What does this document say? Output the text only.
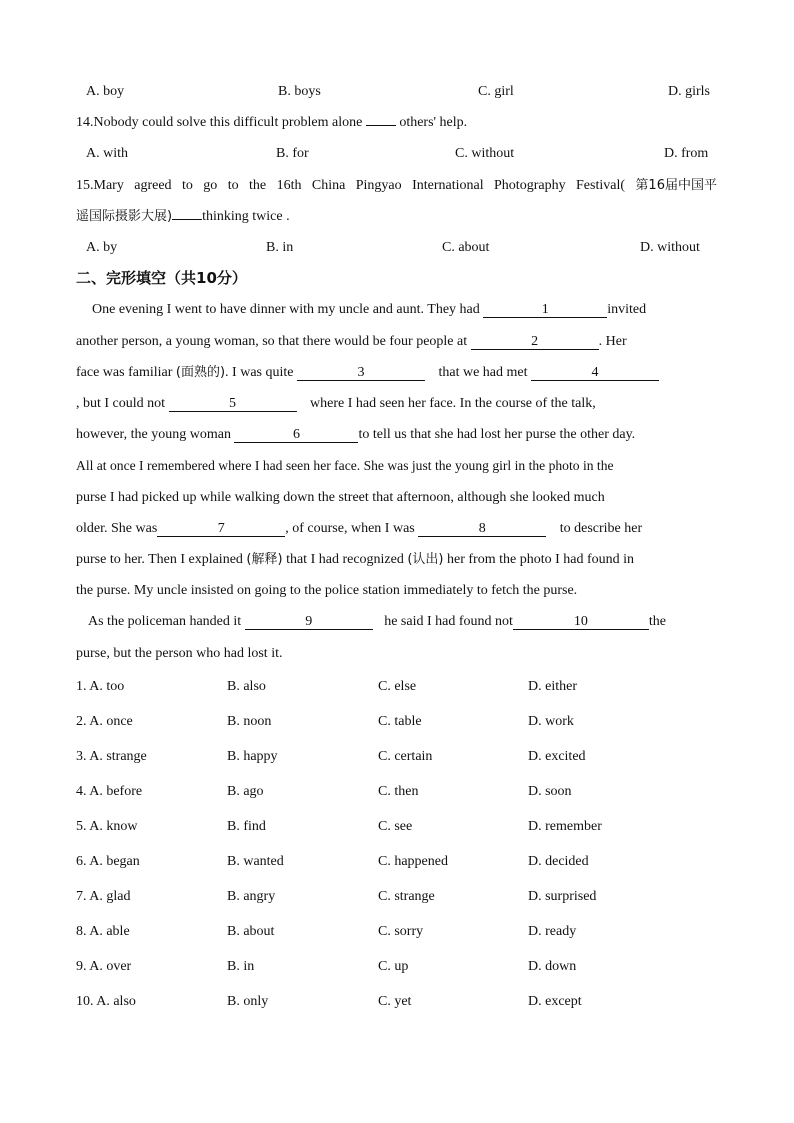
A. boy	B. boys	C. girl	D. girls
14.Nobody could solve this difficult problem alone	others' help.
A. with	B. for	C. without	D. from
15.Mary agreed to go to the 16th China Pingyao International Photography Festival( 第16届中国平
遥国际摄影大展) thinking twice .
A. by	B. in	C. about	D. without
二、完形填空（共10分）
One evening I went to have dinner with my uncle and aunt. They had	1	invited
another person, a young woman, so that there would be four people at	2	. Her
face was familiar (面熟的). I was quite	3	that we had met	4
, but I could not	5	where I had seen her face. In the course of the talk,
however, the young woman	6	to tell us that she had lost her purse the other day.
All at once I remembered where I had seen her face. She was just the young girl in the photo in the
purse I had picked up while walking down the street that afternoon, although she looked much
older. She was	7	, of course, when I was	8	to describe her
purse to her. Then I explained (解释) that I had recognized (认出) her from the photo I had found in
the purse. My uncle insisted on going to the police station immediately to fetch the purse.
As the policeman handed it	9	he said I had found not	10	the
purse, but the person who had lost it.
1. A. too	B. also	C. else	D. either
2. A. once	B. noon	C. table	D. work
3. A. strange	B. happy	C. certain	D. excited
4. A. before	B. ago	C. then	D. soon
5. A. know	B. find	C. see	D. remember
6. A. began	B. wanted	C. happened	D. decided
7. A. glad	B. angry	C. strange	D. surprised
8. A. able	B. about	C. sorry	D. ready
9. A. over	B. in	C. up	D. down
10. A. also	B. only	C. yet	D. except
